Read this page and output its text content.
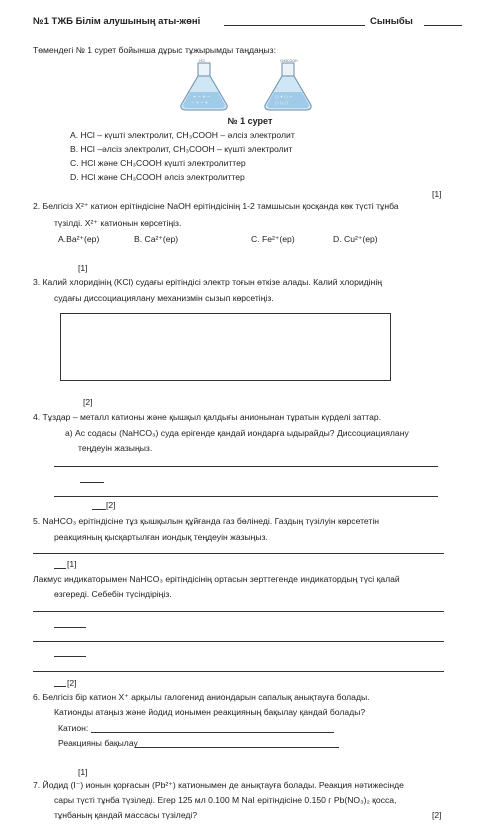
№1 ТЖБ Білім алушының аты-жөні	Сыныбы
Төмендегі № 1 сурет бойынша дұрыс тұжырымды таңдаңыз:
+ − + −
− + − +
○ + ○ −
○ ○ ○
HCl	CH3COOH
№ 1 сурет
A. HCl – күшті электролит, CH₃COOH – әлсіз электролит
B. HCl –әлсіз электролит, CH₃COOH – күшті электролит
C. HCl және CH₃COOH күшті электролиттер
D. HCl және CH₃COOH әлсіз электролиттер
[1]
2. Белгісіз X²⁺ катион ерітіндісіне NaOH ерітіндісінің 1-2 тамшысын қосқанда көк түсті тұнба
түзілді. X²⁺ катионын көрсетіңіз.
A.Ba²⁺(ер)	B. Ca²⁺(ер)	C. Fe²⁺(ер)	D. Cu²⁺(ер)
[1]
3. Калий хлоридінің (KCl) судағы ерітіндісі электр тоғын өткізе алады. Калий хлоридінің
судағы диссоциациялану механизмін сызып көрсетіңіз.
[2]
4. Тұздар – металл катионы және қышқыл қалдығы анионынан тұратын күрделі заттар.
a) Ас содасы (NaHCO₃) суда ерігенде қандай иондарға ыдырайды? Диссоциациялану
теңдеуін жазыңыз.
[2]
5. NaHCO₃ ерітіндісіне тұз қышқылын құйғанда газ бөлінеді. Газдың түзілуін көрсететін
реакцияның қысқартылған иондық теңдеуін жазыңыз.
[1]
Лакмус индикаторымен NaHCO₃ ерітіндісінің ортасын зерттегенде индикатордың түсі қалай
өзгереді. Себебін түсіндіріңіз.
[2]
6. Белгісіз бір катион X⁺ арқылы галогенид аниондарын сапалық анықтауға болады.
Катионды атаңыз және йодид ионымен реакцияның бақылау қандай болады?
Катион:
Реакцияны бақылау
[1]
7. Йодид (I⁻) ионын қорғасын (Pb²⁺) катионымен де анықтауға болады. Реакция нәтижесінде
сары түсті тұнба түзіледі. Егер 125 мл 0.100 М NaI ерітіндісіне 0.150 г Pb(NO₃)₂ қосса,
тұнбаның қандай массасы түзіледі?	[2]
